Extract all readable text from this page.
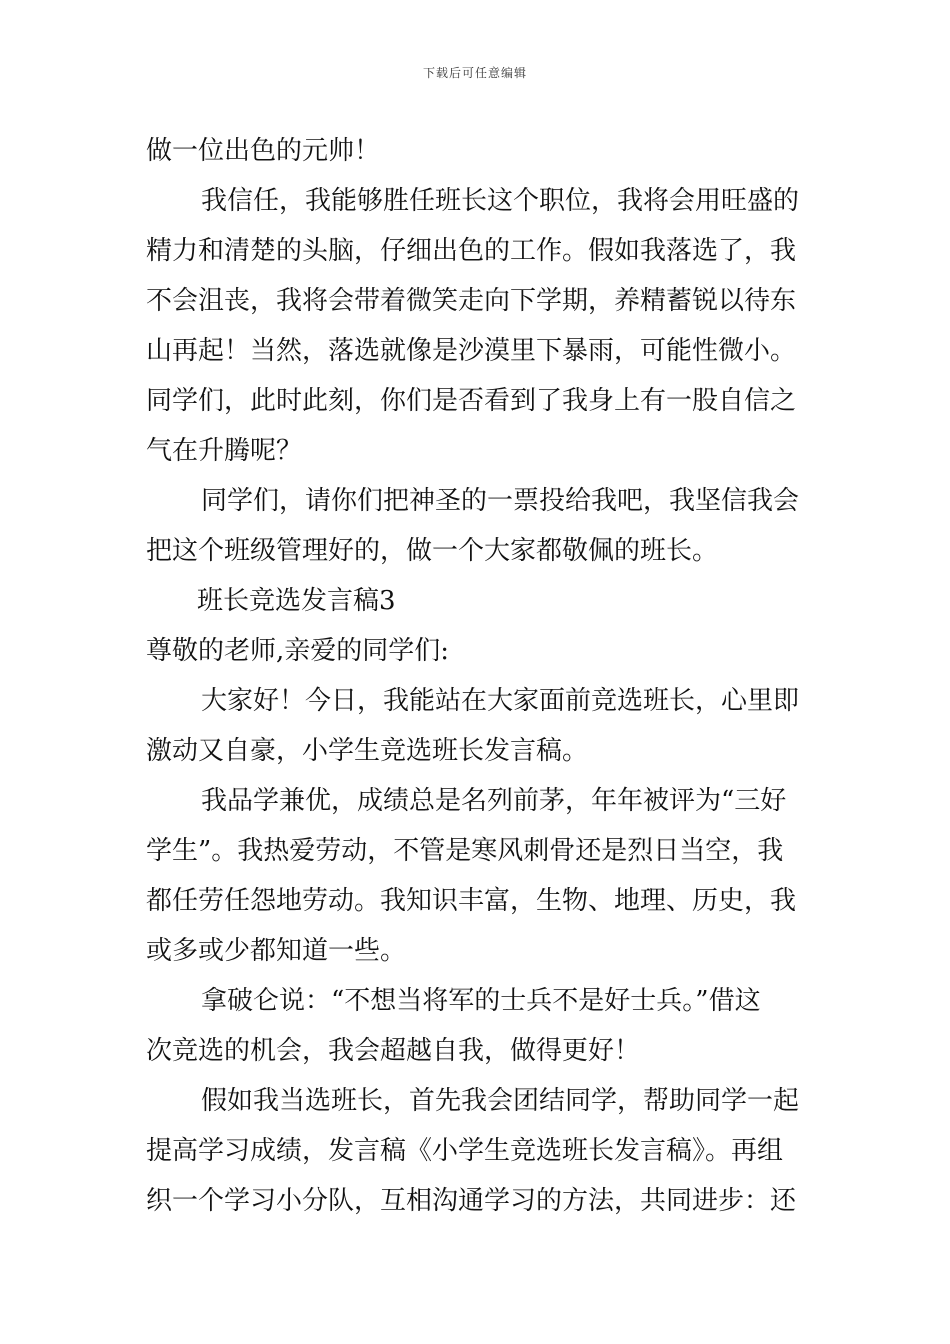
下载后可任意编辑
做一位出色的元帅！
我信任，我能够胜任班长这个职位，我将会用旺盛的
精力和清楚的头脑，仔细出色的工作。假如我落选了，我
不会沮丧，我将会带着微笑走向下学期，养精蓄锐以待东
山再起！当然，落选就像是沙漠里下暴雨，可能性微小。
同学们，此时此刻，你们是否看到了我身上有一股自信之
气在升腾呢？
同学们，请你们把神圣的一票投给我吧，我坚信我会
把这个班级管理好的，做一个大家都敬佩的班长。
班长竞选发言稿3
尊敬的老师,亲爱的同学们:
大家好！今日，我能站在大家面前竞选班长，心里即
激动又自豪，小学生竞选班长发言稿。
我品学兼优，成绩总是名列前茅，年年被评为“三好
学生”。我热爱劳动，不管是寒风刺骨还是烈日当空，我
都任劳任怨地劳动。我知识丰富，生物、地理、历史，我
或多或少都知道一些。
拿破仑说：“不想当将军的士兵不是好士兵。”借这
次竞选的机会，我会超越自我，做得更好！
假如我当选班长，首先我会团结同学，帮助同学一起
提高学习成绩，发言稿《小学生竞选班长发言稿》。再组
织一个学习小分队，互相沟通学习的方法，共同进步：还
